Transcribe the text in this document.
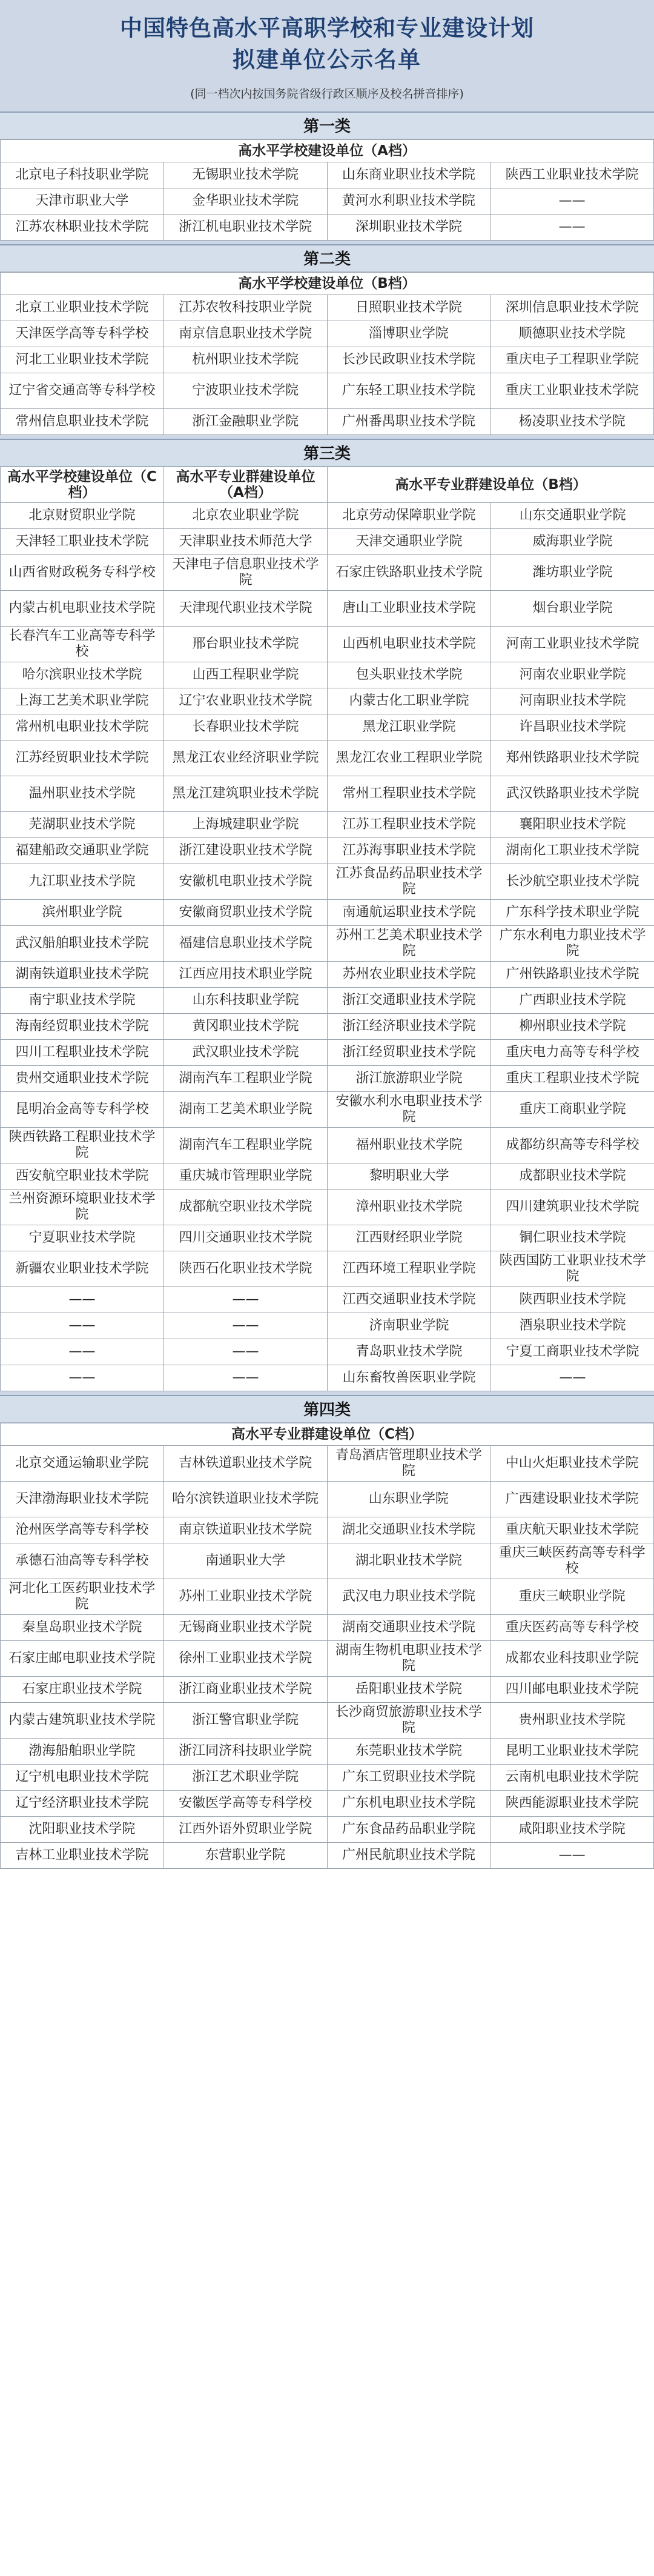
中国特色高水平高职学校和专业建设计划
拟建单位公示名单
(同一档次内按国务院省级行政区顺序及校名拼音排序)
第一类
高水平学校建设单位（A档）			
北京电子科技职业学院	无锡职业技术学院	山东商业职业技术学院	陕西工业职业技术学院
天津市职业大学	金华职业技术学院	黄河水利职业技术学院	——
江苏农林职业技术学院	浙江机电职业技术学院	深圳职业技术学院	——
第二类
高水平学校建设单位（B档）			
北京工业职业技术学院	江苏农牧科技职业学院	日照职业技术学院	深圳信息职业技术学院
天津医学高等专科学校	南京信息职业技术学院	淄博职业学院	顺德职业技术学院
河北工业职业技术学院	杭州职业技术学院	长沙民政职业技术学院	重庆电子工程职业学院
辽宁省交通高等专科学校	宁波职业技术学院	广东轻工职业技术学院	重庆工业职业技术学院
常州信息职业技术学院	浙江金融职业学院	广州番禺职业技术学院	杨凌职业技术学院
第三类
高水平学校建设单位（C档）	高水平专业群建设单位（A档）	高水平专业群建设单位（B档）	
北京财贸职业学院	北京农业职业学院	北京劳动保障职业学院	山东交通职业学院
天津轻工职业技术学院	天津职业技术师范大学	天津交通职业学院	威海职业学院
山西省财政税务专科学校	天津电子信息职业技术学院	石家庄铁路职业技术学院	潍坊职业学院
内蒙古机电职业技术学院	天津现代职业技术学院	唐山工业职业技术学院	烟台职业学院
长春汽车工业高等专科学校	邢台职业技术学院	山西机电职业技术学院	河南工业职业技术学院
哈尔滨职业技术学院	山西工程职业学院	包头职业技术学院	河南农业职业学院
上海工艺美术职业学院	辽宁农业职业技术学院	内蒙古化工职业学院	河南职业技术学院
常州机电职业技术学院	长春职业技术学院	黑龙江职业学院	许昌职业技术学院
江苏经贸职业技术学院	黑龙江农业经济职业学院	黑龙江农业工程职业学院	郑州铁路职业技术学院
温州职业技术学院	黑龙江建筑职业技术学院	常州工程职业技术学院	武汉铁路职业技术学院
芜湖职业技术学院	上海城建职业学院	江苏工程职业技术学院	襄阳职业技术学院
福建船政交通职业学院	浙江建设职业技术学院	江苏海事职业技术学院	湖南化工职业技术学院
九江职业技术学院	安徽机电职业技术学院	江苏食品药品职业技术学院	长沙航空职业技术学院
滨州职业学院	安徽商贸职业技术学院	南通航运职业技术学院	广东科学技术职业学院
武汉船舶职业技术学院	福建信息职业技术学院	苏州工艺美术职业技术学院	广东水利电力职业技术学院
湖南铁道职业技术学院	江西应用技术职业学院	苏州农业职业技术学院	广州铁路职业技术学院
南宁职业技术学院	山东科技职业学院	浙江交通职业技术学院	广西职业技术学院
海南经贸职业技术学院	黄冈职业技术学院	浙江经济职业技术学院	柳州职业技术学院
四川工程职业技术学院	武汉职业技术学院	浙江经贸职业技术学院	重庆电力高等专科学校
贵州交通职业技术学院	湖南汽车工程职业学院	浙江旅游职业学院	重庆工程职业技术学院
昆明冶金高等专科学校	湖南工艺美术职业学院	安徽水利水电职业技术学院	重庆工商职业学院
陕西铁路工程职业技术学院	湖南汽车工程职业学院	福州职业技术学院	成都纺织高等专科学校
西安航空职业技术学院	重庆城市管理职业学院	黎明职业大学	成都职业技术学院
兰州资源环境职业技术学院	成都航空职业技术学院	漳州职业技术学院	四川建筑职业技术学院
宁夏职业技术学院	四川交通职业技术学院	江西财经职业学院	铜仁职业技术学院
新疆农业职业技术学院	陕西石化职业技术学院	江西环境工程职业学院	陕西国防工业职业技术学院
——	——	江西交通职业技术学院	陕西职业技术学院
——	——	济南职业学院	酒泉职业技术学院
——	——	青岛职业技术学院	宁夏工商职业技术学院
——	——	山东畜牧兽医职业学院	——
第四类
高水平专业群建设单位（C档）			
北京交通运输职业学院	吉林铁道职业技术学院	青岛酒店管理职业技术学院	中山火炬职业技术学院
天津渤海职业技术学院	哈尔滨铁道职业技术学院	山东职业学院	广西建设职业技术学院
沧州医学高等专科学校	南京铁道职业技术学院	湖北交通职业技术学院	重庆航天职业技术学院
承德石油高等专科学校	南通职业大学	湖北职业技术学院	重庆三峡医药高等专科学校
河北化工医药职业技术学院	苏州工业职业技术学院	武汉电力职业技术学院	重庆三峡职业学院
秦皇岛职业技术学院	无锡商业职业技术学院	湖南交通职业技术学院	重庆医药高等专科学校
石家庄邮电职业技术学院	徐州工业职业技术学院	湖南生物机电职业技术学院	成都农业科技职业学院
石家庄职业技术学院	浙江商业职业技术学院	岳阳职业技术学院	四川邮电职业技术学院
内蒙古建筑职业技术学院	浙江警官职业学院	长沙商贸旅游职业技术学院	贵州职业技术学院
渤海船舶职业学院	浙江同济科技职业学院	东莞职业技术学院	昆明工业职业技术学院
辽宁机电职业技术学院	浙江艺术职业学院	广东工贸职业技术学院	云南机电职业技术学院
辽宁经济职业技术学院	安徽医学高等专科学校	广东机电职业技术学院	陕西能源职业技术学院
沈阳职业技术学院	江西外语外贸职业学院	广东食品药品职业学院	咸阳职业技术学院
吉林工业职业技术学院	东营职业学院	广州民航职业技术学院	——
